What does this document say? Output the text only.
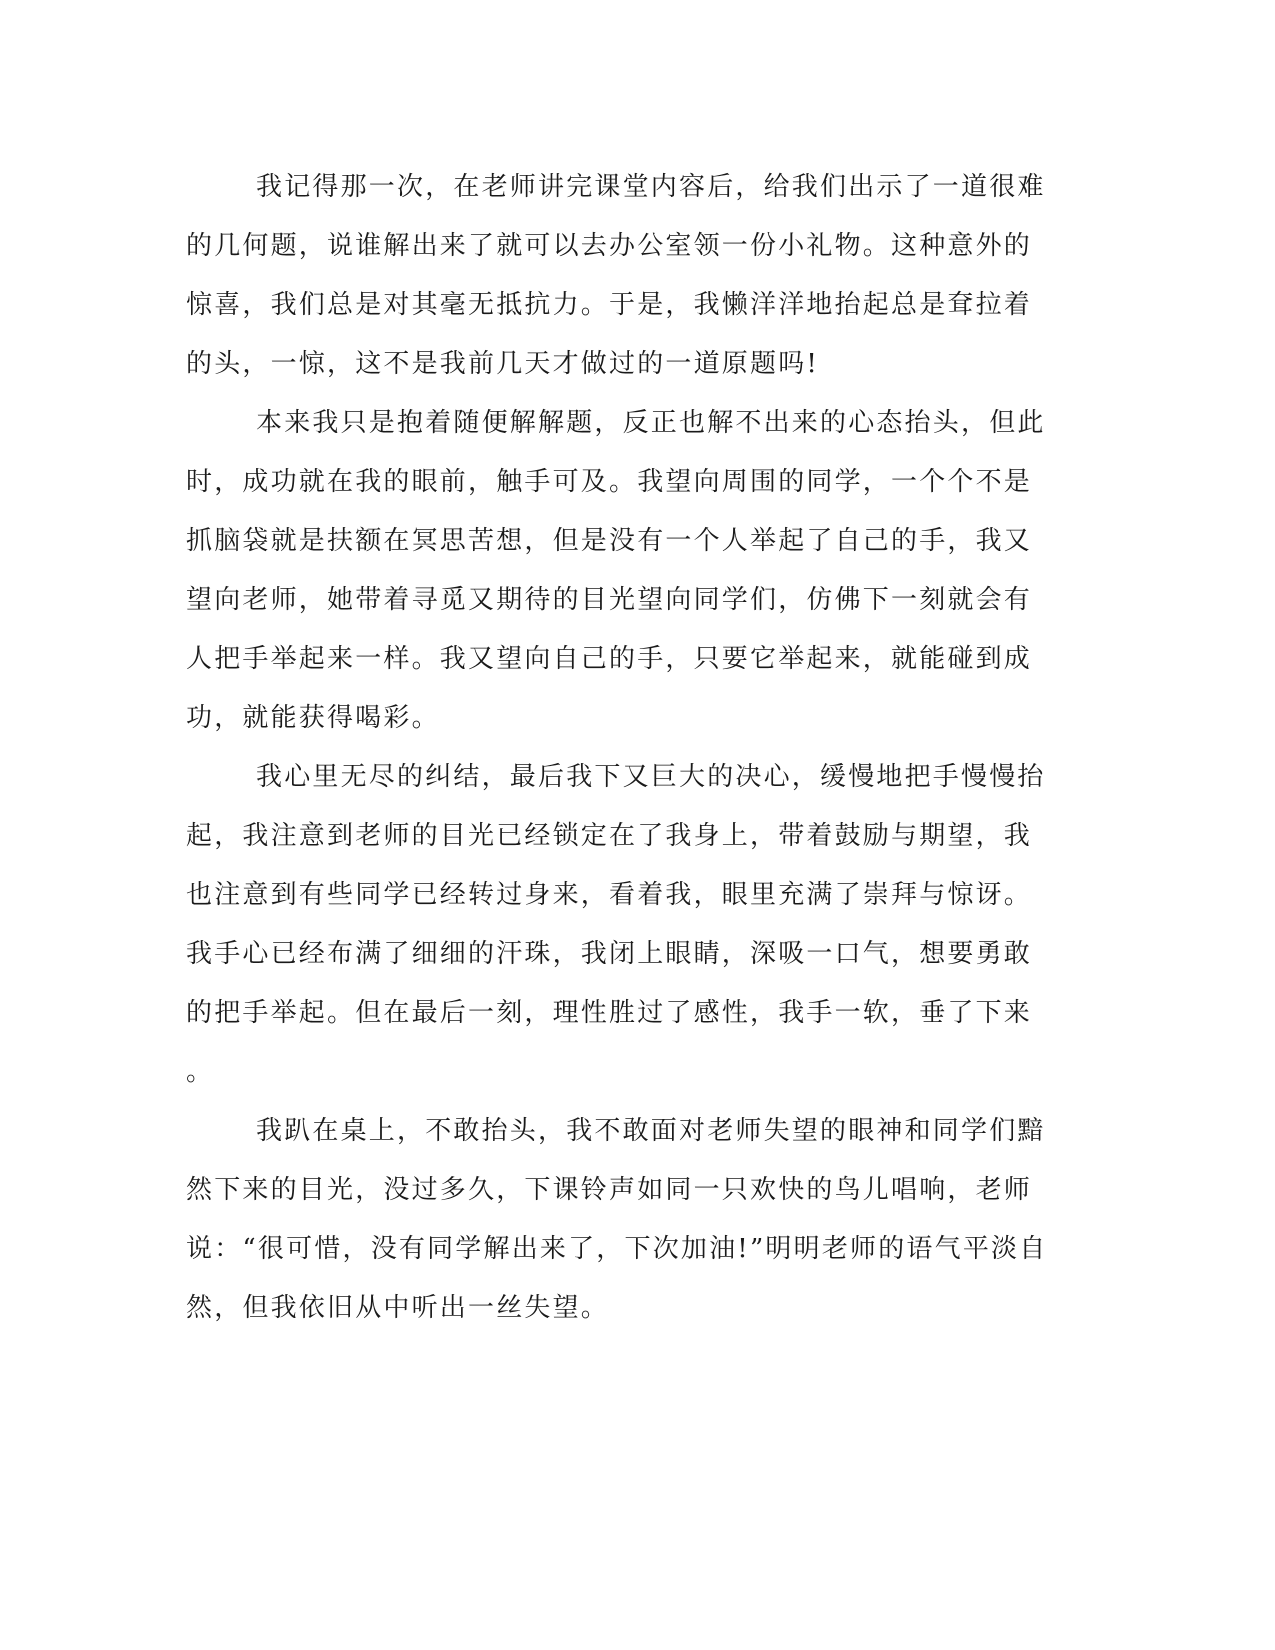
我记得那一次，在老师讲完课堂内容后，给我们出示了一道很难
的几何题，说谁解出来了就可以去办公室领一份小礼物。这种意外的
惊喜，我们总是对其毫无抵抗力。于是，我懒洋洋地抬起总是耷拉着
的头，一惊，这不是我前几天才做过的一道原题吗!
本来我只是抱着随便解解题，反正也解不出来的心态抬头，但此
时，成功就在我的眼前，触手可及。我望向周围的同学，一个个不是
抓脑袋就是扶额在冥思苦想，但是没有一个人举起了自己的手，我又
望向老师，她带着寻觅又期待的目光望向同学们，仿佛下一刻就会有
人把手举起来一样。我又望向自己的手，只要它举起来，就能碰到成
功，就能获得喝彩。
我心里无尽的纠结，最后我下又巨大的决心，缓慢地把手慢慢抬
起，我注意到老师的目光已经锁定在了我身上，带着鼓励与期望，我
也注意到有些同学已经转过身来，看着我，眼里充满了崇拜与惊讶。
我手心已经布满了细细的汗珠，我闭上眼睛，深吸一口气，想要勇敢
的把手举起。但在最后一刻，理性胜过了感性，我手一软，垂了下来
。
我趴在桌上，不敢抬头，我不敢面对老师失望的眼神和同学们黯
然下来的目光，没过多久，下课铃声如同一只欢快的鸟儿唱响，老师
说：“很可惜，没有同学解出来了，下次加油!”明明老师的语气平淡自
然，但我依旧从中听出一丝失望。
